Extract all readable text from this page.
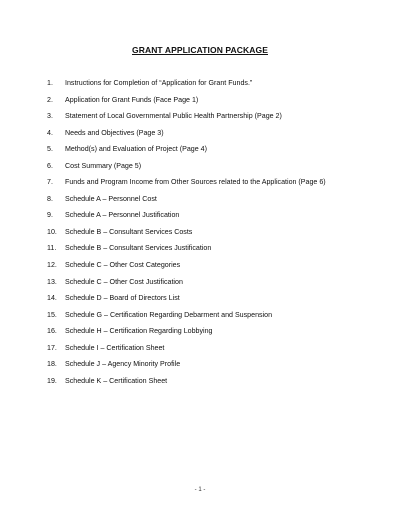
GRANT APPLICATION PACKAGE
1. Instructions for Completion of “Application for Grant Funds.”
2. Application for Grant Funds (Face Page 1)
3. Statement of Local Governmental Public Health Partnership (Page 2)
4. Needs and Objectives (Page 3)
5. Method(s) and Evaluation of Project (Page 4)
6. Cost Summary (Page 5)
7. Funds and Program Income from Other Sources related to the Application (Page 6)
8. Schedule A – Personnel Cost
9. Schedule A – Personnel Justification
10. Schedule B – Consultant Services Costs
11. Schedule B – Consultant Services Justification
12. Schedule C – Other Cost Categories
13. Schedule C – Other Cost Justification
14. Schedule D – Board of Directors List
15. Schedule G – Certification Regarding Debarment and Suspension
16. Schedule H – Certification Regarding Lobbying
17. Schedule I – Certification Sheet
18. Schedule J – Agency Minority Profile
19. Schedule K – Certification Sheet
- 1 -
